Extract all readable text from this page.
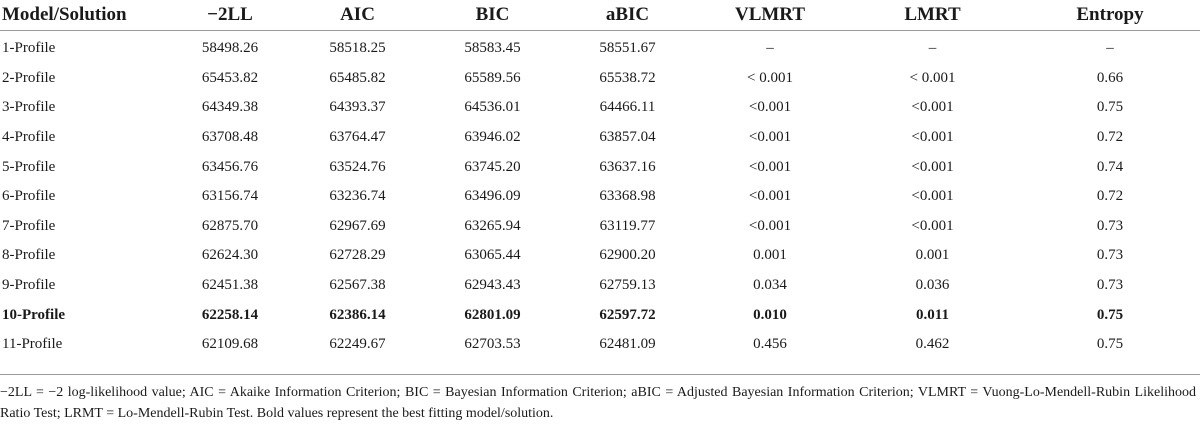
Model/Solution	−2LL	AIC	BIC	aBIC	VLMRT	LMRT	Entropy
1-Profile	58498.26	58518.25	58583.45	58551.67	–	–	–
2-Profile	65453.82	65485.82	65589.56	65538.72	< 0.001	< 0.001	0.66
3-Profile	64349.38	64393.37	64536.01	64466.11	<0.001	<0.001	0.75
4-Profile	63708.48	63764.47	63946.02	63857.04	<0.001	<0.001	0.72
5-Profile	63456.76	63524.76	63745.20	63637.16	<0.001	<0.001	0.74
6-Profile	63156.74	63236.74	63496.09	63368.98	<0.001	<0.001	0.72
7-Profile	62875.70	62967.69	63265.94	63119.77	<0.001	<0.001	0.73
8-Profile	62624.30	62728.29	63065.44	62900.20	0.001	0.001	0.73
9-Profile	62451.38	62567.38	62943.43	62759.13	0.034	0.036	0.73
10-Profile	62258.14	62386.14	62801.09	62597.72	0.010	0.011	0.75
11-Profile	62109.68	62249.67	62703.53	62481.09	0.456	0.462	0.75
−2LL = −2 log-likelihood value; AIC = Akaike Information Criterion; BIC = Bayesian Information Criterion; aBIC = Adjusted Bayesian Information Criterion; VLMRT = Vuong-Lo-Mendell-Rubin Likelihood Ratio Test; LRMT = Lo-Mendell-Rubin Test. Bold values represent the best fitting model/solution.
